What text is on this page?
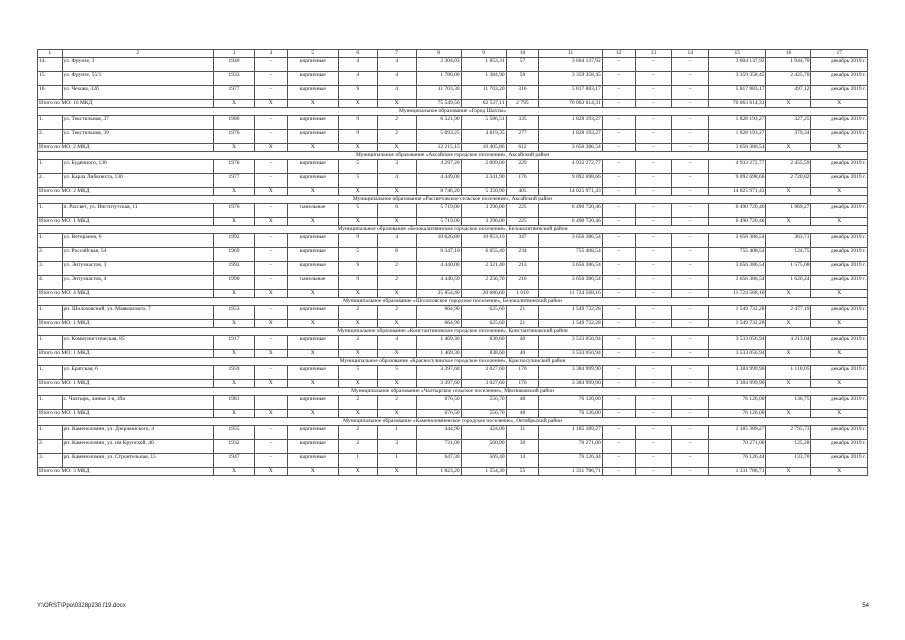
1	2	3	4	5	6	7	8	9	10	11	12	13	14	15	16	17
14.	ул. Фрунзе, 3	1940	–	кирпичные	4	4	2 304,03	1 853,31	57	3 604 137,92	–	–	–	3 604 137,92	1 944,70	декабрь 2019 г.
15.	ул. Фрунзе, 55/1	1933	–	кирпичные	4	4	1 780,00	1 384,90	59	3 359 358,45	–	–	–	3 359 358,45	2 425,70	декабрь 2019 г.
16.	ул. Чехова, 32б	1977	–	кирпичные	9	4	11 703,30	11 703,20	316	5 817 883,17	–	–	–	5 817 883,17	497,12	декабрь 2019 г.
Итого по МО: 16 МКД		Х	Х	Х	Х	Х	75 549,56	62 537,11	2 795	70 063 614,31	–	–	–	70 063 614,31	Х	Х
Муниципальное образование «Город Шахты»																
1.	ул. Текстильная, 37	1980	–	кирпичные	9	2	6 521,90	5 586,51	335	1 828 193,27	–	–	–	1 828 193,27	327,25	декабрь 2019 г.
2.	ул. Текстильная, 39	1976	–	кирпичные	9	2	5 693,25	4 819,35	277	1 828 193,27	–	–	–	1 828 193,27	379,34	декабрь 2019 г.
Итого по МО: 2 МКД		Х	Х	Х	Х	Х	12 215,15	10 405,86	612	3 656 386,54	–	–	–	3 656 386,54	Х	Х
Муниципальное образование «Аксайское городское поселение», Аксайский район																
1.	ул. Буденного, 136	1976	–	кирпичные	5	3	4 297,20	2 009,00	229	4 933 272,77	–	–	–	4 933 272,77	2 455,59	декабрь 2019 г.
2.	ул. Карла Либкнехта, 130	1977	–	кирпичные	5	4	4 449,00	3 341,90	176	9 092 698,66	–	–	–	9 092 698,66	2 720,82	декабрь 2019 г.
Итого по МО: 2 МКД		Х	Х	Х	Х	Х	8 746,20	5 350,90	405	14 025 971,43	–	–	–	14 025 971,43	Х	Х
Муниципальное образование «Рассветовское сельское поселение», Аксайский район																
1.	п. Рассвет, ул. Институтская, 11	1976	–	панельные	5	6	5 719,00	3 296,00	225	6 490 720,46	–	–	–	6 490 720,46	1 969,27	декабрь 2019 г.
Итого по МО: 1 МКД		Х	Х	Х	Х	Х	5 719,00	3 296,00	225	6 490 720,46	–	–	–	6 490 720,46	Х	Х
Муниципальное образование «Белокалитвинское городское поселение», Белокалитвинский район																
1.	ул. Ветеранов, 6	1992	–	кирпичные	9	4	10 626,80	10 053,10	347	3 656 386,54	–	–	–	3 656 386,54	363,71	декабрь 2019 г.
2.	ул. Российская, 54	1969	–	кирпичные	5	8	6 347,10	6 055,40	234	755 408,54	–	–	–	755 408,54	124,75	декабрь 2019 г.
3.	ул. Энтузиастов, 3	1992	–	кирпичные	9	2	4 440,00	2 321,40	213	3 656 386,54	–	–	–	3 656 386,54	1 575,08	декабрь 2019 г.
4.	ул. Энтузиастов, 4	1990	–	панельные	9	2	4 440,50	2 256,70	216	3 656 386,54	–	–	–	3 656 386,54	1 620,24	декабрь 2019 г.
Итого по МО: 4 МКД		Х	Х	Х	Х	Х	25 854,40	20 686,60	1 010	11 724 568,16	–	–	–	11 724 568,16	Х	Х
Муниципальное образование «Шолоховское городское поселение», Белокалитвинский район																
1.	рп. Шолоховский, ул. Маяковского, 7	1953	–	кирпичные	2	2	664,90	625,60	21	1 549 732,28	–	–	–	1 549 732,28	2 477,19	декабрь 2019 г.
Итого по МО: 1 МКД		Х	Х	Х	Х	Х	664,90	625,60	21	1 549 732,28	–	–	–	1 549 732,28	Х	Х
Муниципальное образование «Константиновское городское поселение», Константиновский район																
1.	ул. Коммунистическая, 85	1917	–	кирпичные	2	4	1 469,30	838,60	40	3 533 056,94	–	–	–	3 533 056,94	4 213,04	декабрь 2019 г.
Итого по МО: 1 МКД		Х	Х	Х	Х	Х	1 469,30	838,60	40	3 533 056,94	–	–	–	3 533 056,94	Х	Х
Муниципальное образование «Красносулинское городское поселение», Красносулинский район																
1.	ул. Братская, 6	1959	–	кирпичные	5	5	3 397,60	3 027,60	170	3 384 999,90	–	–	–	3 384 999,90	1 118,05	декабрь 2019 г.
Итого по МО: 1 МКД		Х	Х	Х	Х	Х	3 397,60	3 027,60	170	3 384 999,90	–	–	–	3 384 999,90	Х	Х
Муниципальное образование «Чалтырское сельское поселение», Мясниковский район																
1.	с. Чалтырь, линия 3-я, 49а	1981		кирпичные	2	2	676,50	556,70	48	76 126,00	–	–	–	76 126,00	136,75	декабрь 2019 г.
Итого по МО: 1 МКД		Х	Х	Х	Х	Х	676,50	556,70	48	76 126,00	–	–	–	76 126,00	Х	Х
Муниципальное образование «Каменоломненское городское поселение», Октябрьский район																
1.	рп. Каменоломни, ул. Дзержинского, 4	1955	–	кирпичные	2	1	444,90	424,00	11	1 185 389,27	–	–	–	1 185 389,27	2 795,73	декабрь 2019 г.
2.	рп. Каменоломни, ул. им Крупской, 40	1932	–	кирпичные	2	3	731,00	560,90	30	70 271,00	–	–	–	70 271,00	125,28	декабрь 2019 г.
3.	рп. Каменоломни, ул. Строительная, 15	1947	–	кирпичные	1	1	647,30	569,40	14	76 126,44	–	–	–	76 126,44	133,70	декабрь 2019 г.
Итого по МО: 3 МКД		Х	Х	Х	Х	Х	1 823,20	1 554,30	55	1 331 786,71	–	–	–	1 331 786,71	Х	Х
Y:\ORST\Ppo\0328p230.f19.docx	54
